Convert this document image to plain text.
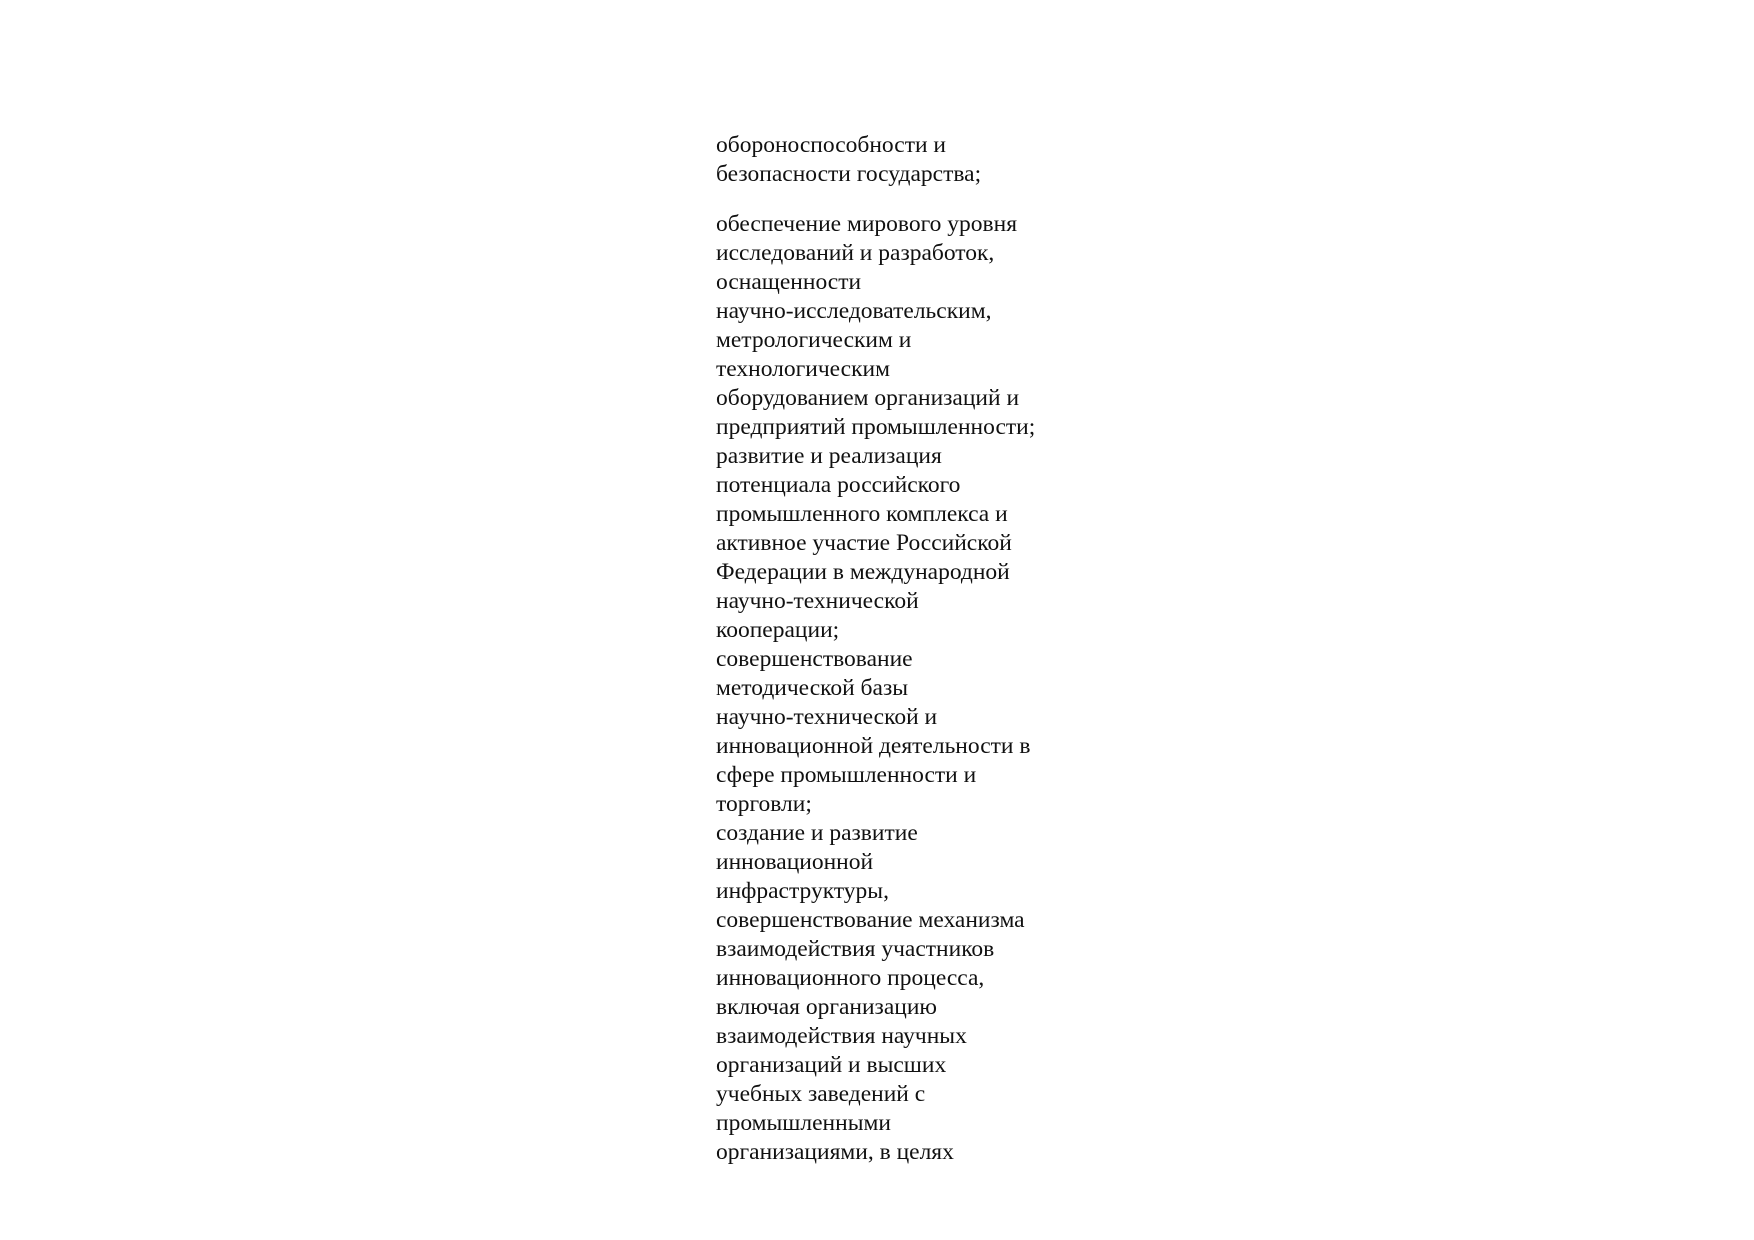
обороноспособности и
безопасности государства;

обеспечение мирового уровня
исследований и разработок,
оснащенности
научно-исследовательским,
метрологическим и
технологическим
оборудованием организаций и
предприятий промышленности;
развитие и реализация
потенциала российского
промышленного комплекса и
активное участие Российской
Федерации в международной
научно-технической
кооперации;
совершенствование
методической базы
научно-технической и
инновационной деятельности в
сфере промышленности и
торговли;
создание и развитие
инновационной
инфраструктуры,
совершенствование механизма
взаимодействия участников
инновационного процесса,
включая организацию
взаимодействия научных
организаций и высших
учебных заведений с
промышленными
организациями, в целях
